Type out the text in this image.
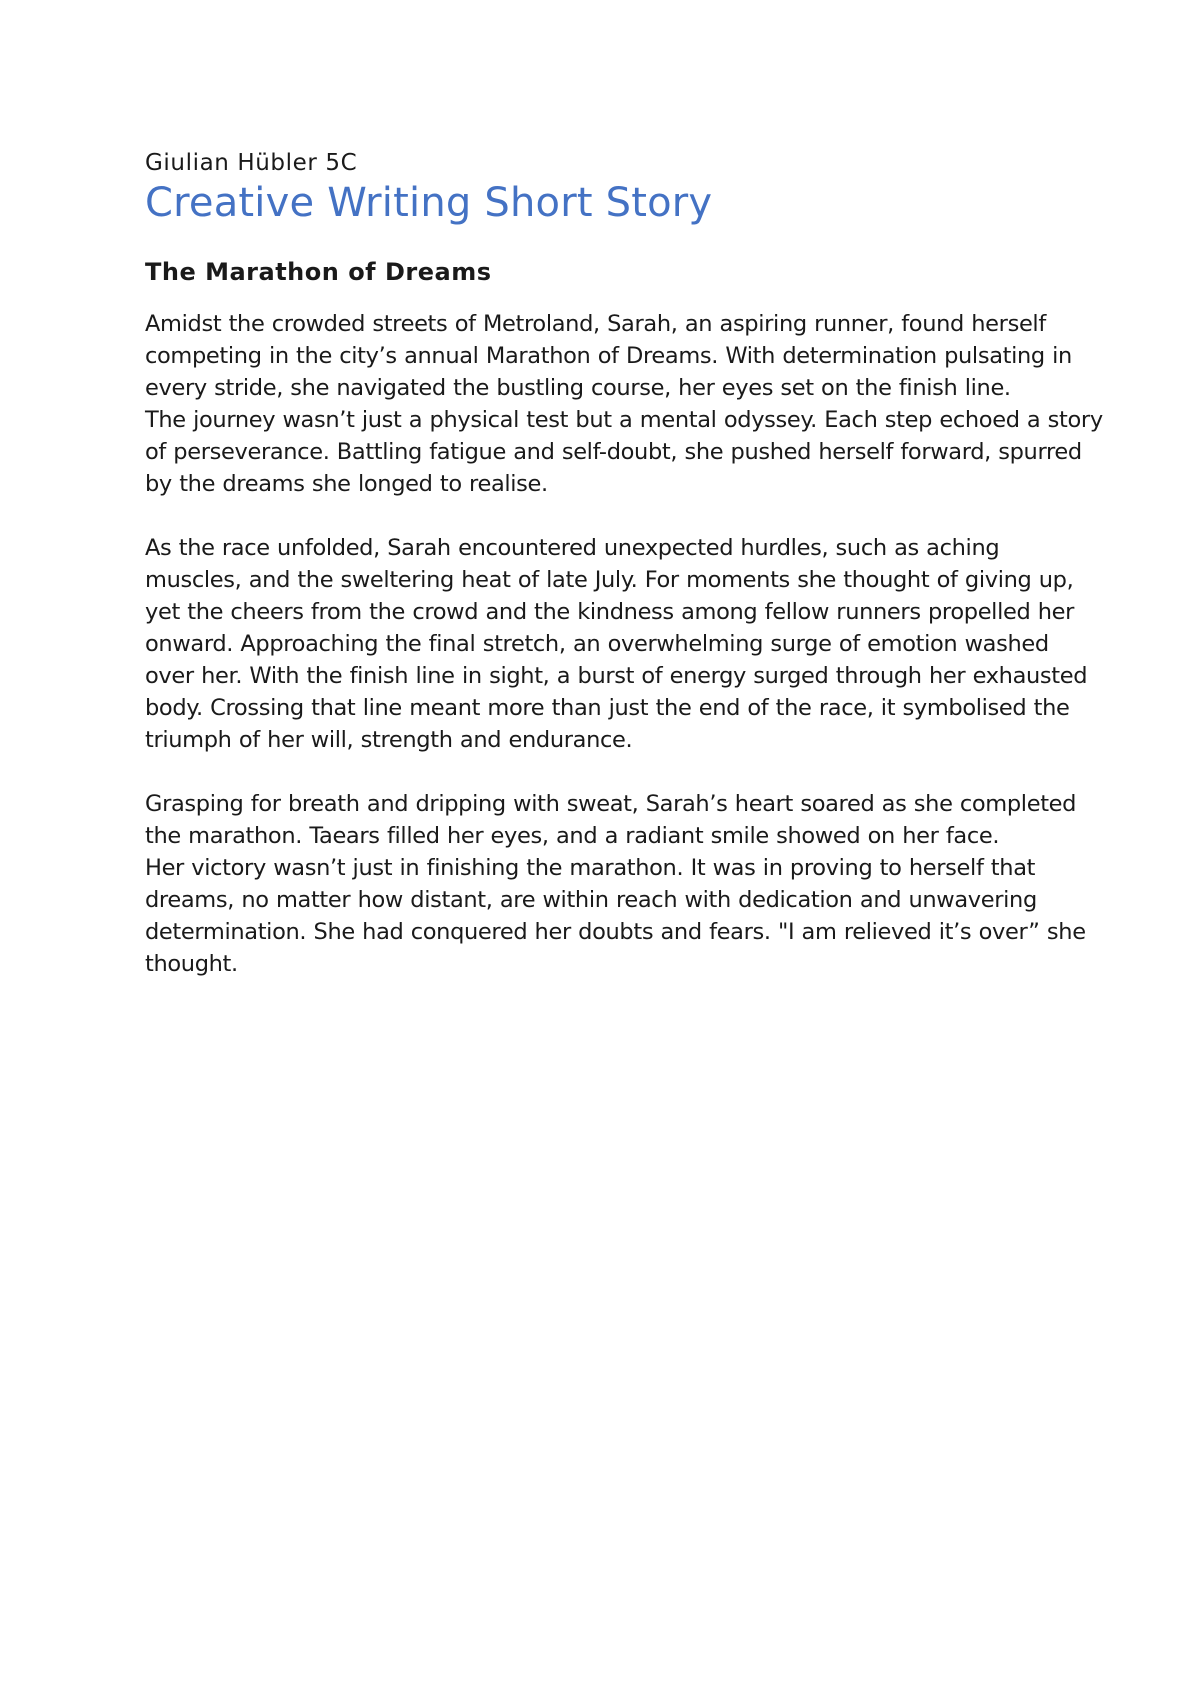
Giulian Hübler 5C
Creative Writing Short Story
The Marathon of Dreams

Amidst the crowded streets of Metroland, Sarah, an aspiring runner, found herself
competing in the city’s annual Marathon of Dreams. With determination pulsating in
every stride, she navigated the bustling course, her eyes set on the finish line.
The journey wasn’t just a physical test but a mental odyssey. Each step echoed a story
of perseverance. Battling fatigue and self-doubt, she pushed herself forward, spurred
by the dreams she longed to realise.

As the race unfolded, Sarah encountered unexpected hurdles, such as aching
muscles, and the sweltering heat of late July. For moments she thought of giving up,
yet the cheers from the crowd and the kindness among fellow runners propelled her
onward. Approaching the final stretch, an overwhelming surge of emotion washed
over her. With the finish line in sight, a burst of energy surged through her exhausted
body. Crossing that line meant more than just the end of the race, it symbolised the
triumph of her will, strength and endurance.

Grasping for breath and dripping with sweat, Sarah’s heart soared as she completed
the marathon. Taears filled her eyes, and a radiant smile showed on her face.
Her victory wasn’t just in finishing the marathon. It was in proving to herself that
dreams, no matter how distant, are within reach with dedication and unwavering
determination. She had conquered her doubts and fears. "I am relieved it’s over” she
thought.
